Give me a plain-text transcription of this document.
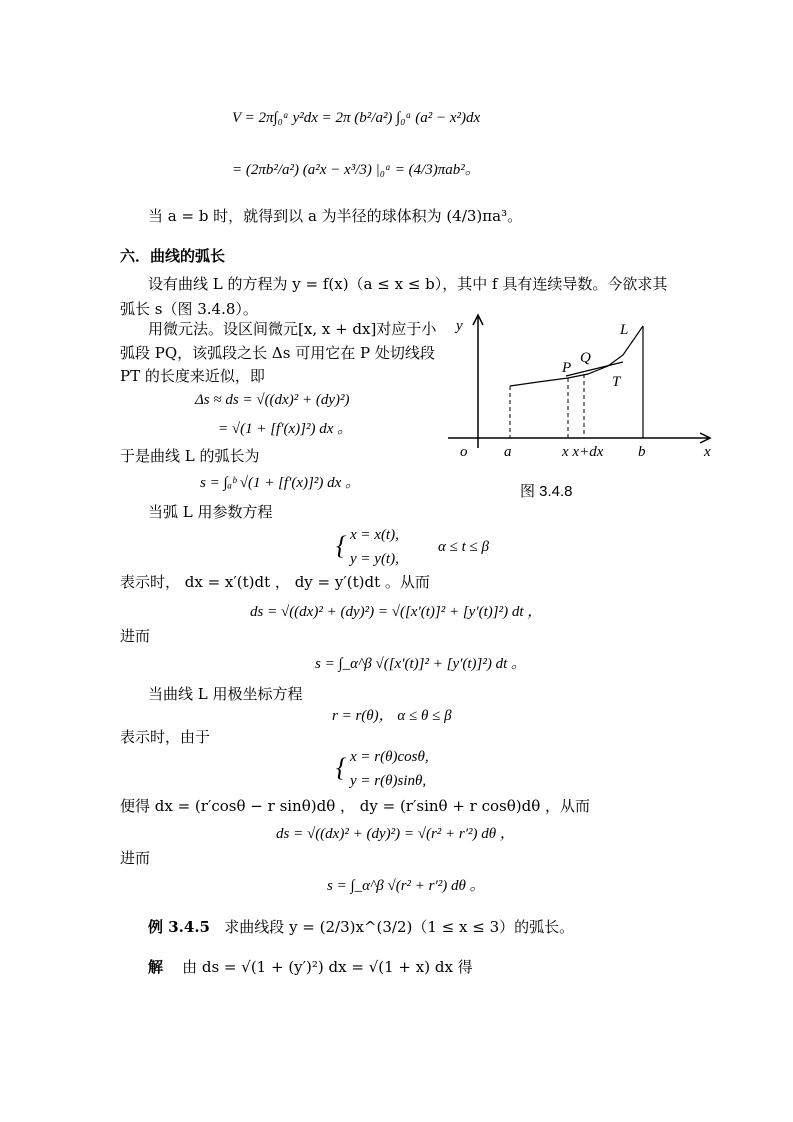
V = 2π∫₀ᵃ y²dx = 2π (b²/a²) ∫₀ᵃ (a² − x²)dx
= (2πb²/a²) (a²x − x³/3) |₀ᵃ = (4/3)πab²。
当 a = b 时，就得到以 a 为半径的球体积为 (4/3)πa³。
六．曲线的弧长
设有曲线 L 的方程为 y = f(x)（a ≤ x ≤ b），其中 f 具有连续导数。今欲求其
弧长 s（图 3.4.8）。
用微元法。设区间微元[x, x + dx]对应于小
弧段 PQ，该弧段之长 Δs 可用它在 P 处切线段
PT 的长度来近似，即
Δs ≈ ds = √((dx)² + (dy)²)
= √(1 + [f′(x)]²) dx 。
于是曲线 L 的弧长为
s = ∫ₐᵇ √(1 + [f′(x)]²) dx 。
y
x
o a	x x+dx b
L
P
Q
T
图 3.4.8
当弧 L 用参数方程
{ x = x(t),
y = y(t),
α ≤ t ≤ β
表示时， dx = x′(t)dt ， dy = y′(t)dt 。从而
ds = √((dx)² + (dy)²) = √([x′(t)]² + [y′(t)]²) dt ，
进而
s = ∫_α^β √([x′(t)]² + [y′(t)]²) dt 。
当曲线 L 用极坐标方程
r = r(θ)， α ≤ θ ≤ β
表示时，由于
{ x = r(θ)cosθ,
y = r(θ)sinθ,
便得 dx = (r′cosθ − r sinθ)dθ ， dy = (r′sinθ + r cosθ)dθ ，从而
ds = √((dx)² + (dy)²) = √(r² + r′²) dθ ，
进而
s = ∫_α^β √(r² + r′²) dθ 。
例 3.4.5 求曲线段 y = (2/3)x^(3/2)（1 ≤ x ≤ 3）的弧长。
解 由 ds = √(1 + (y′)²) dx = √(1 + x) dx 得
